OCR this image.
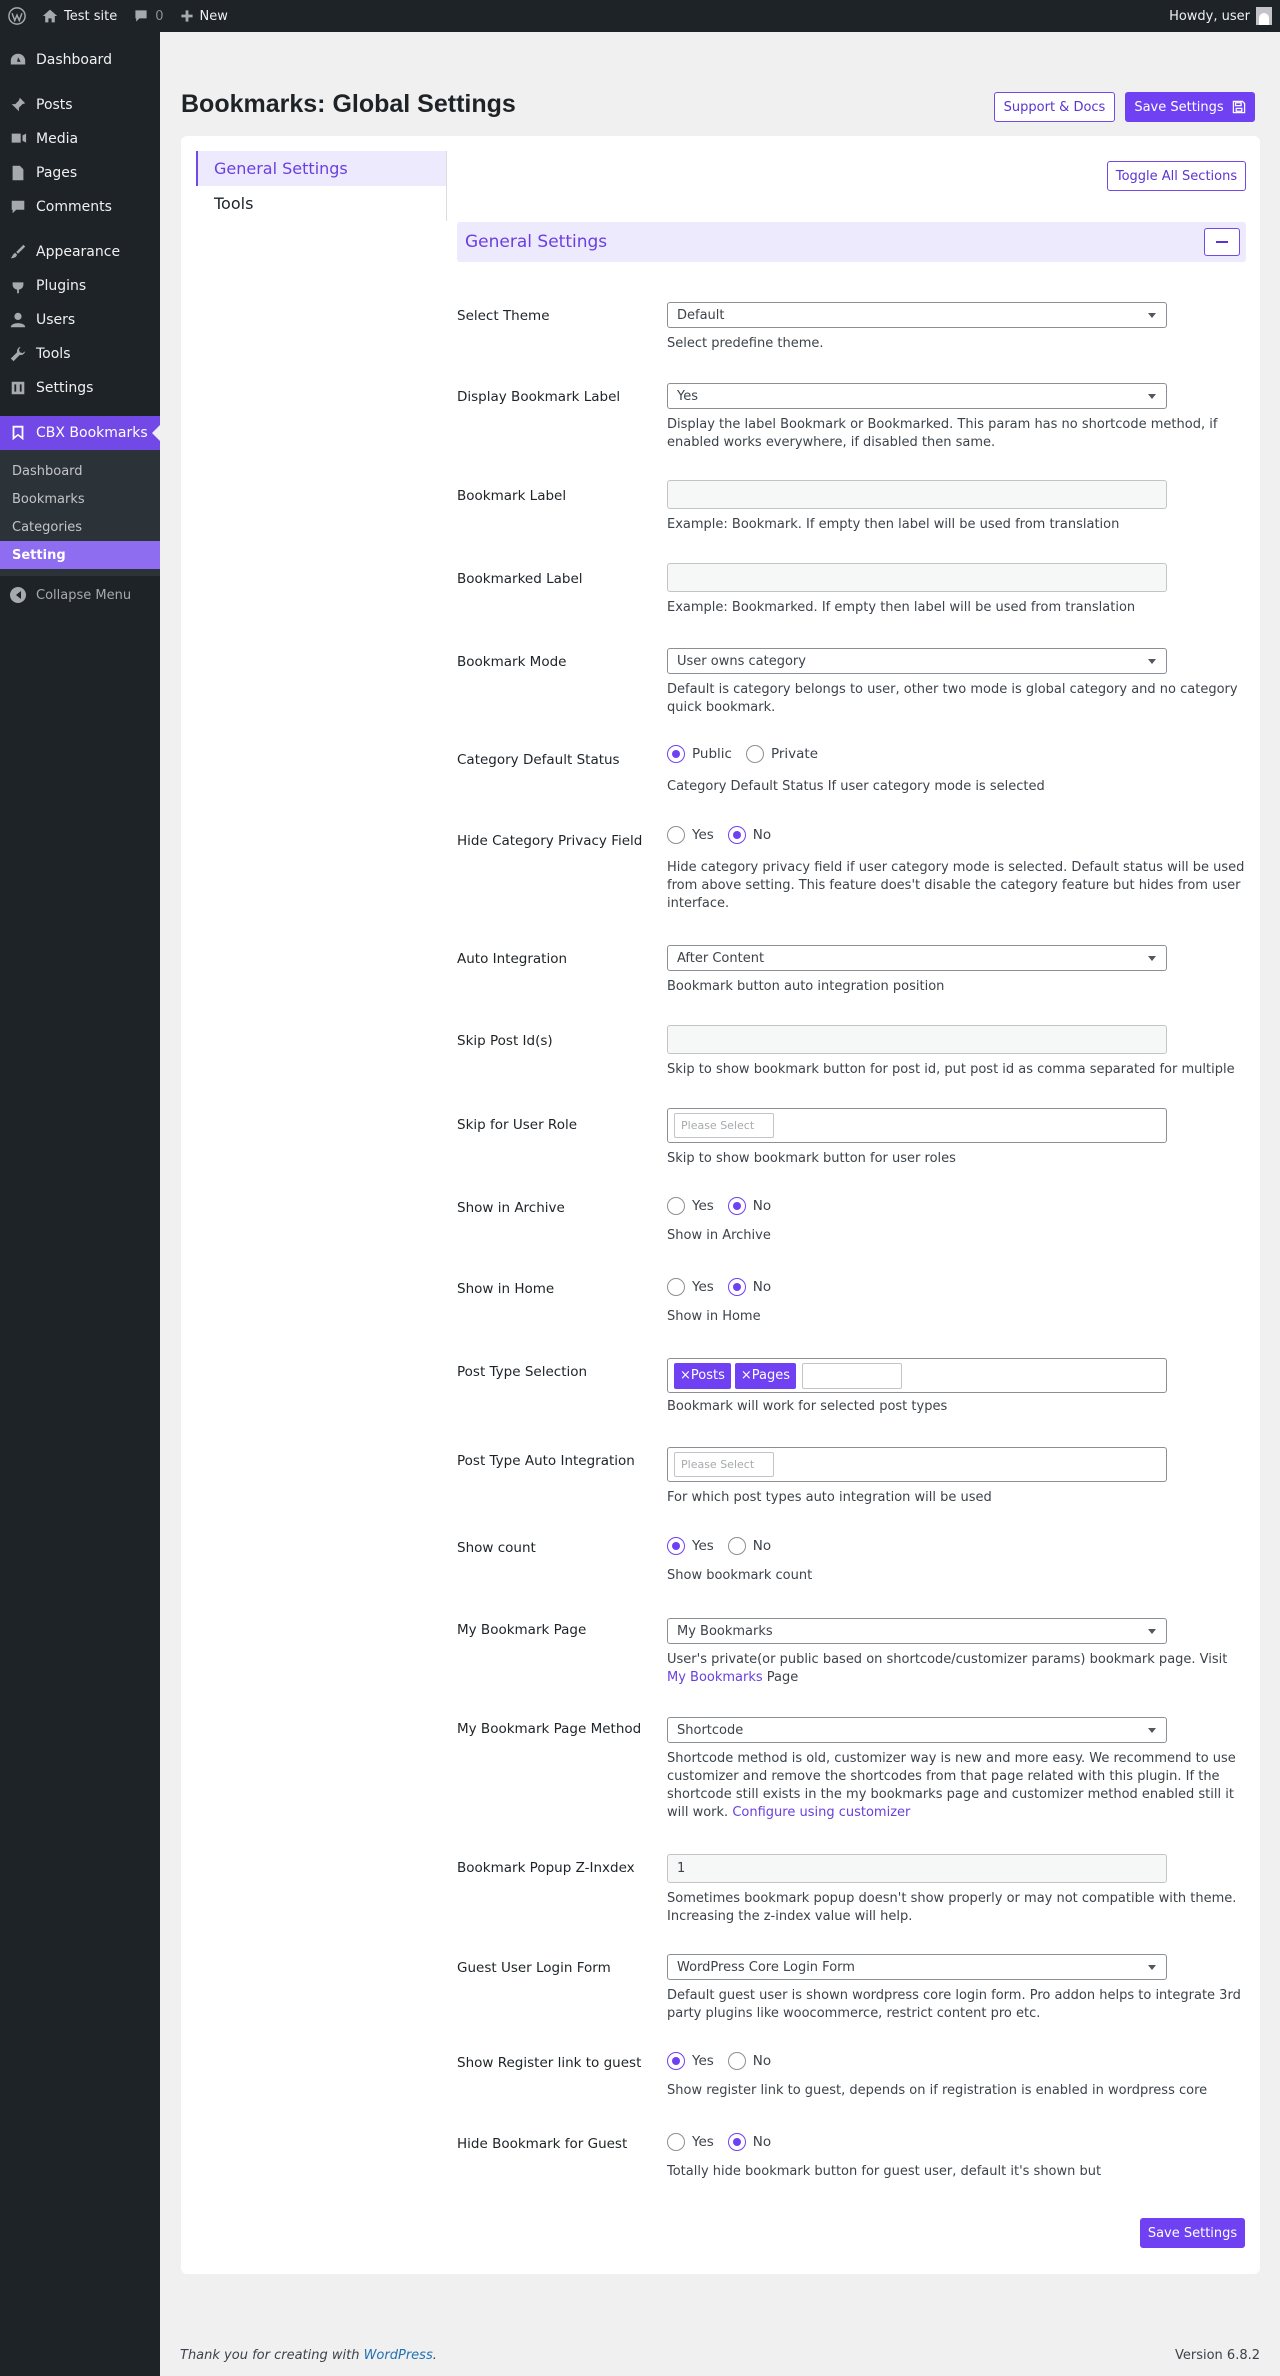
Test site	0	New	Howdy, user
Dashboard
Posts
Media
Pages
Comments
Appearance
Plugins
Users
Tools
Settings
CBX Bookmarks
Dashboard
Bookmarks
Categories
Setting
Collapse Menu
Bookmarks: Global Settings	Support & Docs	Save Settings
General Settings
Tools
Toggle All Sections
General Settings
Select Theme	Default
Select predefine theme.
Display Bookmark Label	Yes
Display the label Bookmark or Bookmarked. This param has no shortcode method, if enabled works everywhere, if disabled then same.
Bookmark Label
Example: Bookmark. If empty then label will be used from translation
Bookmarked Label
Example: Bookmarked. If empty then label will be used from translation
Bookmark Mode	User owns category
Default is category belongs to user, other two mode is global category and no category quick bookmark.
Category Default Status	Public	Private
Category Default Status If user category mode is selected
Hide Category Privacy Field	Yes	No
Hide category privacy field if user category mode is selected. Default status will be used from above setting. This feature does't disable the category feature but hides from user interface.
Auto Integration	After Content
Bookmark button auto integration position
Skip Post Id(s)
Skip to show bookmark button for post id, put post id as comma separated for multiple
Skip for User Role	Please Select
Skip to show bookmark button for user roles
Show in Archive	Yes	No
Show in Archive
Show in Home	Yes	No
Show in Home
Post Type Selection	×Posts	×Pages
Bookmark will work for selected post types
Post Type Auto Integration	Please Select
For which post types auto integration will be used
Show count	Yes	No
Show bookmark count
My Bookmark Page	My Bookmarks
User's private(or public based on shortcode/customizer params) bookmark page. Visit My Bookmarks Page
My Bookmark Page Method	Shortcode
Shortcode method is old, customizer way is new and more easy. We recommend to use customizer and remove the shortcodes from that page related with this plugin. If the shortcode still exists in the my bookmarks page and customizer method enabled still it will work. Configure using customizer
Bookmark Popup Z-Inxdex	1
Sometimes bookmark popup doesn't show properly or may not compatible with theme. Increasing the z-index value will help.
Guest User Login Form	WordPress Core Login Form
Default guest user is shown wordpress core login form. Pro addon helps to integrate 3rd party plugins like woocommerce, restrict content pro etc.
Show Register link to guest	Yes	No
Show register link to guest, depends on if registration is enabled in wordpress core
Hide Bookmark for Guest	Yes	No
Totally hide bookmark button for guest user, default it's shown but
Save Settings
Thank you for creating with WordPress.	Version 6.8.2
